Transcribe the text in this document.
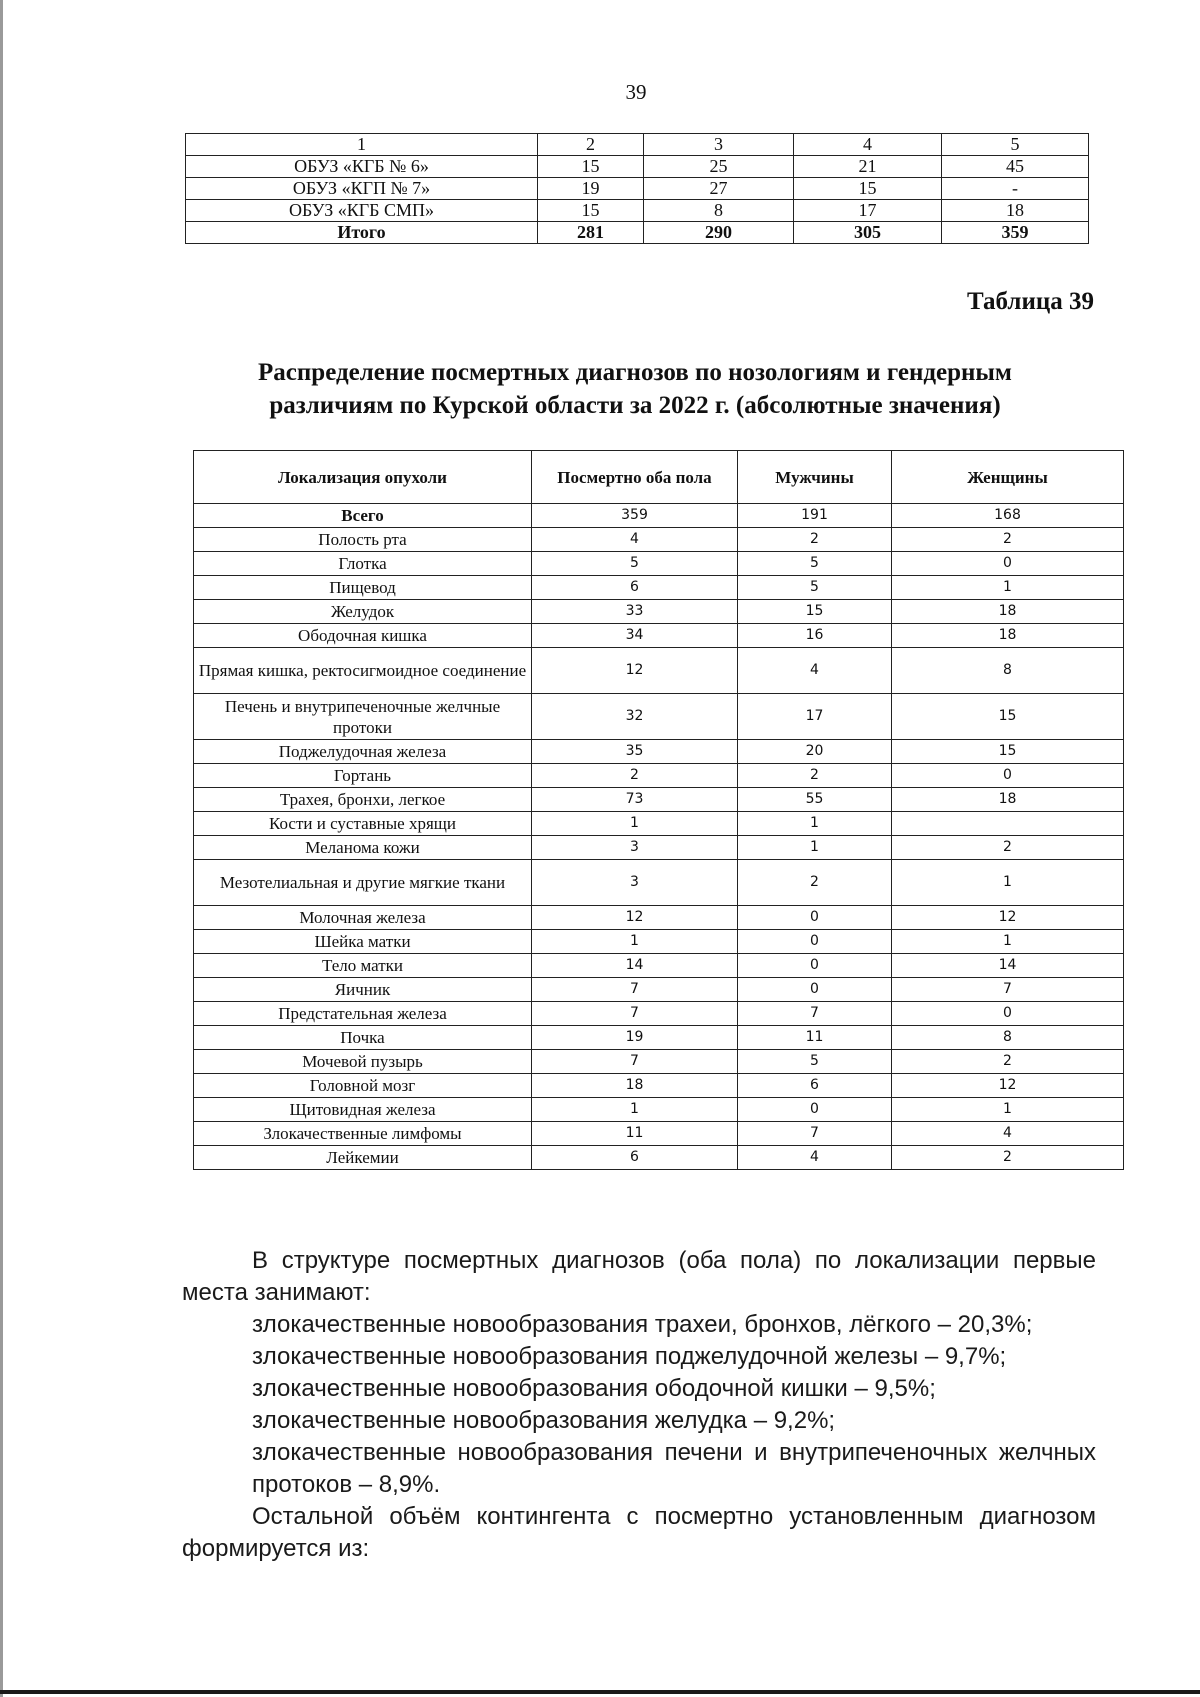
39
1	2	3	4	5
ОБУЗ «КГБ № 6»	15	25	21	45
ОБУЗ «КГП № 7»	19	27	15	-
ОБУЗ «КГБ СМП»	15	8	17	18
Итого	281	290	305	359
Таблица 39
Распределение посмертных диагнозов по нозологиям и гендерным
различиям по Курской области за 2022 г. (абсолютные значения)
Локализация опухоли	Посмертно оба пола	Мужчины	Женщины
Всего	359	191	168
Полость рта	4	2	2
Глотка	5	5	0
Пищевод	6	5	1
Желудок	33	15	18
Ободочная кишка	34	16	18
Прямая кишка, ректосигмоидное соединение	12	4	8
Печень и внутрипеченочные желчные протоки	32	17	15
Поджелудочная железа	35	20	15
Гортань	2	2	0
Трахея, бронхи, легкое	73	55	18
Кости и суставные хрящи	1	1	
Меланома кожи	3	1	2
Мезотелиальная и другие мягкие ткани	3	2	1
Молочная железа	12	0	12
Шейка матки	1	0	1
Тело матки	14	0	14
Яичник	7	0	7
Предстательная железа	7	7	0
Почка	19	11	8
Мочевой пузырь	7	5	2
Головной мозг	18	6	12
Щитовидная железа	1	0	1
Злокачественные лимфомы	11	7	4
Лейкемии	6	4	2

В структуре посмертных диагнозов (оба пола) по локализации первые места занимают:

злокачественные новообразования трахеи, бронхов, лёгкого – 20,3%;

злокачественные новообразования поджелудочной железы – 9,7%;

злокачественные новообразования ободочной кишки – 9,5%;

злокачественные новообразования желудка – 9,2%;

злокачественные новообразования печени и внутрипеченочных желчных протоков – 8,9%.

Остальной объём контингента с посмертно установленным диагнозом формируется из:
